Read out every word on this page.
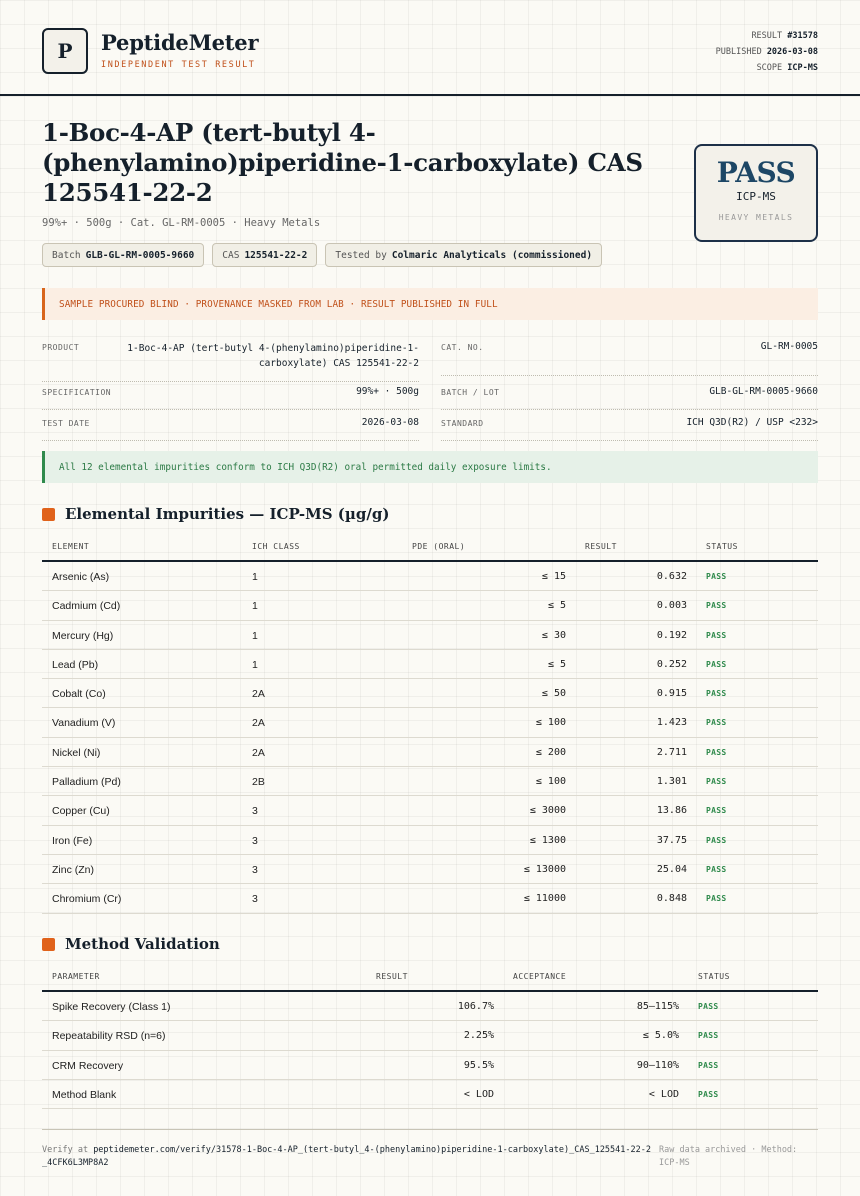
P	PeptideMeter
INDEPENDENT TEST RESULT
RESULT #31578
PUBLISHED 2026-03-08
SCOPE ICP-MS
1-Boc-4-AP (tert-butyl 4-(phenylamino)piperidine-1-carboxylate) CAS 125541-22-2
99%+ · 500g · Cat. GL-RM-0005 · Heavy Metals
Batch GLB-GL-RM-0005-9660	CAS 125541-22-2	Tested by Colmaric Analyticals (commissioned)
PASS
ICP-MS
HEAVY METALS
SAMPLE PROCURED BLIND · PROVENANCE MASKED FROM LAB · RESULT PUBLISHED IN FULL
PRODUCT	1-Boc-4-AP (tert-butyl 4-(phenylamino)piperidine-1-carboxylate) CAS 125541-22-2
CAT. NO.	GL-RM-0005
SPECIFICATION	99%+ · 500g	BATCH / LOT	GLB-GL-RM-0005-9660
TEST DATE	2026-03-08	STANDARD	ICH Q3D(R2) / USP <232>
All 12 elemental impurities conform to ICH Q3D(R2) oral permitted daily exposure limits.
Elemental Impurities — ICP-MS (µg/g)
ELEMENT	ICH CLASS	PDE (ORAL)	RESULT	STATUS
Arsenic (As)	1	≤ 15	0.632 PASS
Cadmium (Cd)	1	≤ 5	0.003 PASS
Mercury (Hg)	1	≤ 30	0.192 PASS
Lead (Pb)	1	≤ 5	0.252 PASS
Cobalt (Co)	2A	≤ 50	0.915 PASS
Vanadium (V)	2A	≤ 100	1.423 PASS
Nickel (Ni)	2A	≤ 200	2.711 PASS
Palladium (Pd)	2B	≤ 100	1.301 PASS
Copper (Cu)	3	≤ 3000	13.86 PASS
Iron (Fe)	3	≤ 1300	37.75 PASS
Zinc (Zn)	3	≤ 13000	25.04 PASS
Chromium (Cr)	3	≤ 11000	0.848 PASS
Method Validation
PARAMETER	RESULT	ACCEPTANCE	STATUS
Spike Recovery (Class 1)	106.7%	85–115% PASS
Repeatability RSD (n=6)	2.25%	≤ 5.0% PASS
CRM Recovery	95.5%	90–110% PASS
Method Blank	< LOD	< LOD PASS
Verify at peptidemeter.com/verify/31578-1-Boc-4-AP_(tert-butyl_4-(phenylamino)piperidine-1-carboxylate)_CAS_125541-22-2_4CFK6L3MP8A2
Raw data archived · Method: ICP-MS
